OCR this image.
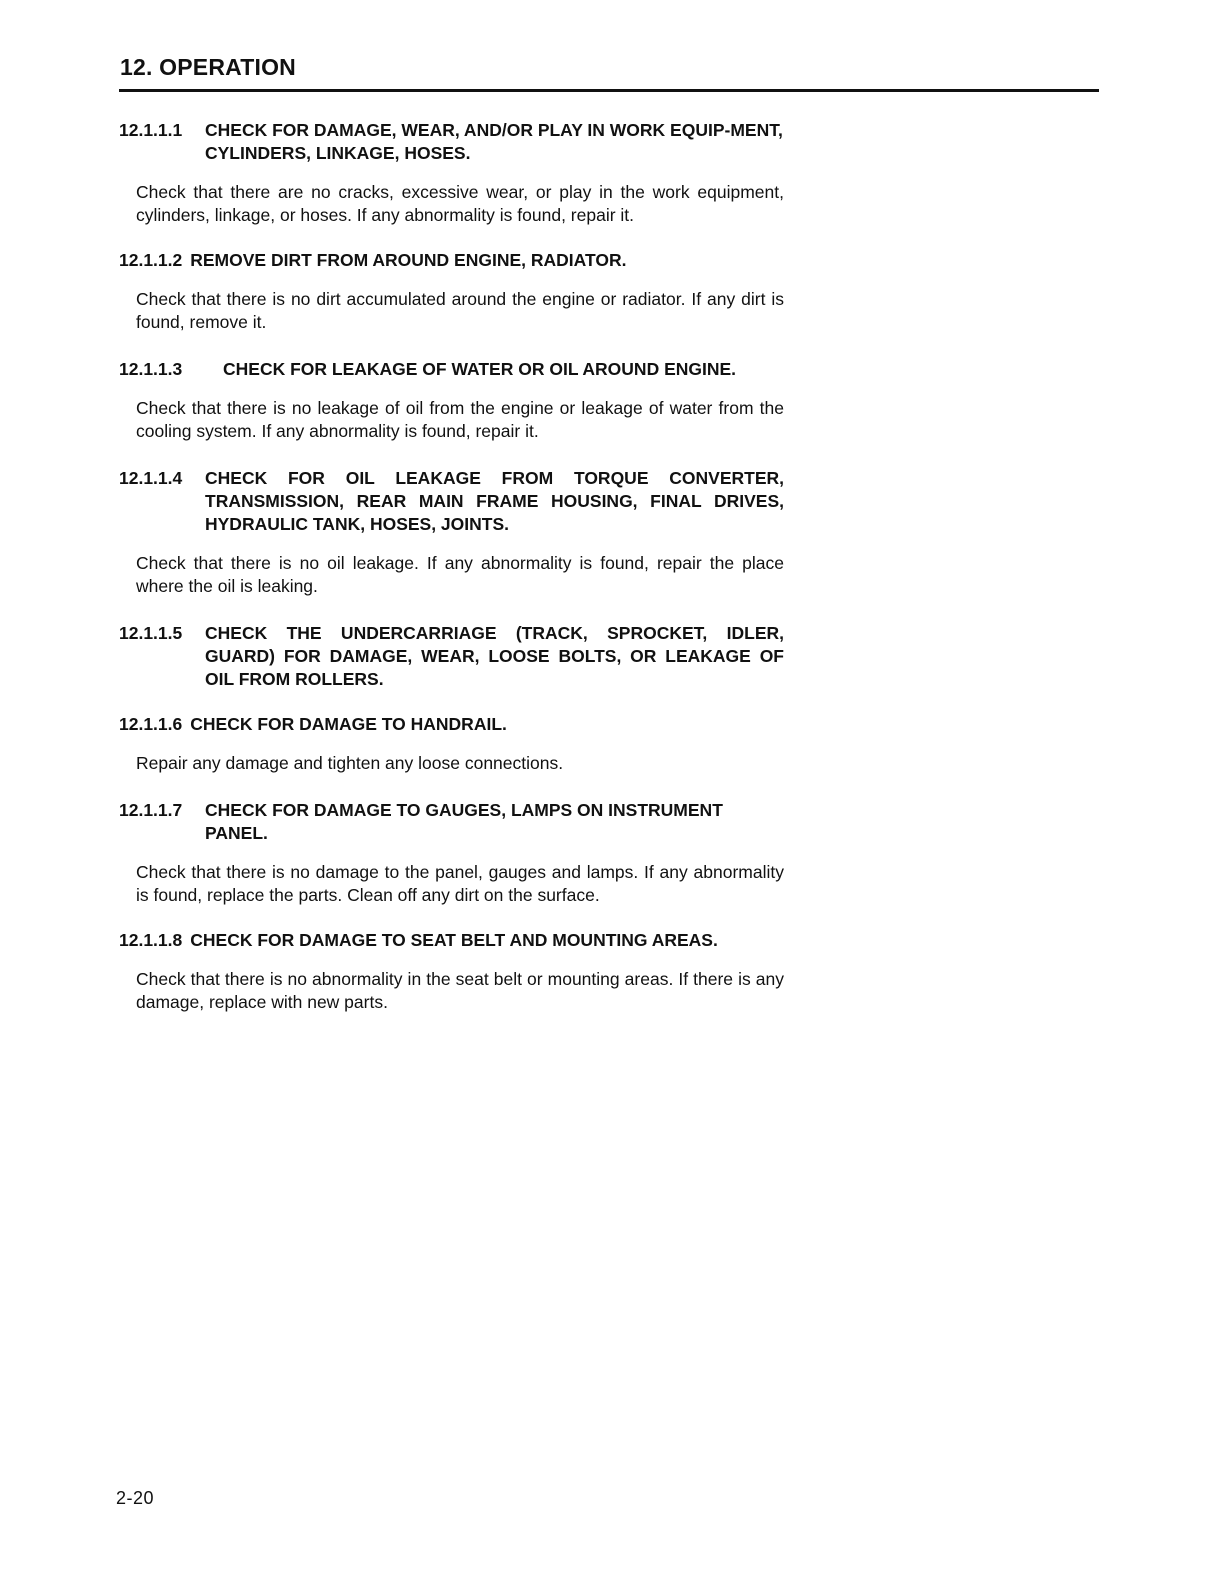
12. OPERATION
12.1.1.1	CHECK FOR DAMAGE, WEAR, AND/OR PLAY IN WORK EQUIP-MENT, CYLINDERS, LINKAGE, HOSES.

Check that there are no cracks, excessive wear, or play in the work equipment, cylinders, linkage, or hoses. If any abnormality is found, repair it.

12.1.1.2 REMOVE DIRT FROM AROUND ENGINE, RADIATOR.

Check that there is no dirt accumulated around the engine or radiator. If any dirt is found, remove it.

12.1.1.3	CHECK FOR LEAKAGE OF WATER OR OIL AROUND ENGINE.

Check that there is no leakage of oil from the engine or leakage of water from the cooling system. If any abnormality is found, repair it.

12.1.1.4	CHECK FOR OIL LEAKAGE FROM TORQUE CONVERTER, TRANSMISSION, REAR MAIN FRAME HOUSING, FINAL DRIVES, HYDRAULIC TANK, HOSES, JOINTS.

Check that there is no oil leakage. If any abnormality is found, repair the place where the oil is leaking.

12.1.1.5	CHECK THE UNDERCARRIAGE (TRACK, SPROCKET, IDLER, GUARD) FOR DAMAGE, WEAR, LOOSE BOLTS, OR LEAKAGE OF OIL FROM ROLLERS.
12.1.1.6 CHECK FOR DAMAGE TO HANDRAIL.

Repair any damage and tighten any loose connections.

12.1.1.7	CHECK FOR DAMAGE TO GAUGES, LAMPS ON INSTRUMENT PANEL.

Check that there is no damage to the panel, gauges and lamps. If any abnormality is found, replace the parts. Clean off any dirt on the surface.

12.1.1.8 CHECK FOR DAMAGE TO SEAT BELT AND MOUNTING AREAS.

Check that there is no abnormality in the seat belt or mounting areas. If there is any damage, replace with new parts.

2-20
